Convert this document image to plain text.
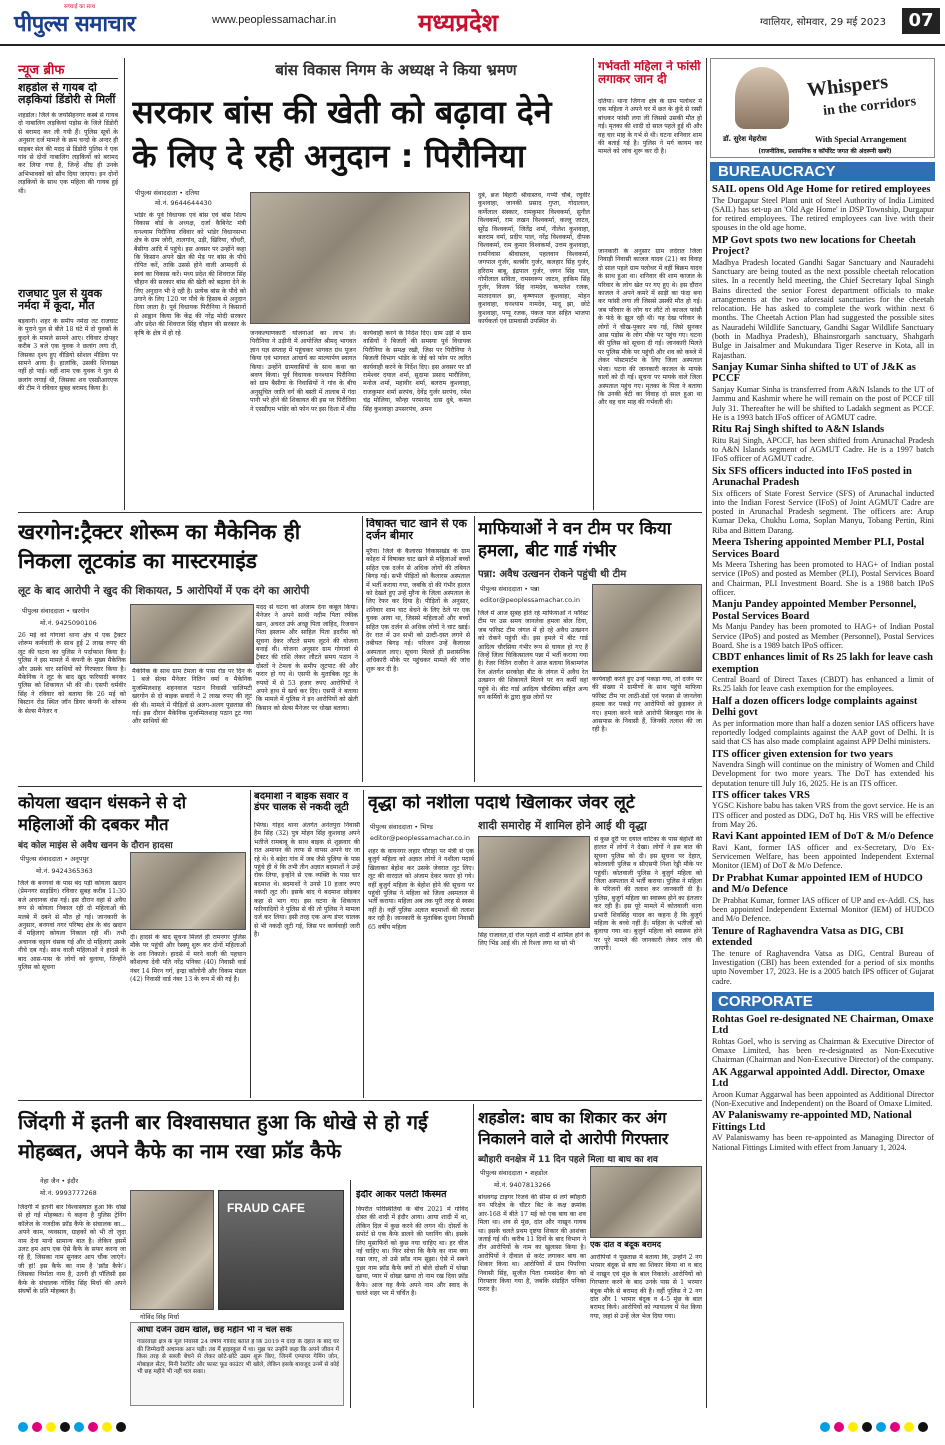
सच्चाई का साथ
पीपुल्स समाचार	www.peoplessamachar.in	मध्यप्रदेश	ग्वालियर, सोमवार, 29 मई 2023	07
न्यूज ब्रीफ
शहडोल से गायब दो लड़कियां डिंडोरी से मिलीं
शहडोल। जिले के जयसिंहनगर कस्बे से गायब दो नाबालिग लड़कियां पड़ोस के जिले डिंडोरी से बरामद कर ली गयी हैं। पुलिस सूत्रों के अनुसार दर्ज मामले के क्रम चन्दो के अन्दर ही साइबर सेल की मदद से डिंडोरी पुलिस ने एक गांव से दोनों नाबालिग लड़कियों को बरामद कर लिया गया है, जिन्हें शीघ्र ही उनके अभिभावकों को सौंप दिया जाएगा। इन दोनों लड़कियों के साथ एक महिला की गायब हुई थी।
राजघाट पुल से युवक नर्मदा में कूदा, मौत
बड़वानी। शहर के समीप नर्मदा तट राजघाट के पुराने पुल से बीते 18 घंटे में दो युवकों के कूदने के मामले सामने आए। रविवार दोपहर करीब 3 बजे एक युवक ने छलांग लगा दी, जिसका दृश्य हुए वीडियो सोशल मीडिया पर सामने आया है। हालांकि, उसकी शिनाख्त नहीं हो पाई। वहीं शाम एक युवक ने पुल से छलांग लगाई थी, जिसका शव एसडीआरएफ की टीम ने रविवार सुबह बरामद किया है।
बांस विकास निगम के अध्यक्ष ने किया भ्रमण
सरकार बांस की खेती को बढ़ावा देने के लिए दे रही अनुदान : पिरौनिया
पीपुल्स संवाददाता • दतिया
मो.नं. 9644644430
भांडेर के पूर्व विधायक एवं बांस एवं बांस शिल्प विकास बोर्ड के अध्यक्ष, दर्जा कैबिनेट मंत्री घनश्याम पिरौनिया रविवार को भांडेर विधानसभा क्षेत्र के ग्राम जोरी, तालगांव, उड़ी, खिरिया, चौधरी, बैसीगा आदि में पहुंचे। इस अवसर पर उन्होंने कहा कि किसान अपने खेत की मेड़ पर बांस के पौधे रोपित करें, ताकि उससे होने वाली आमदनी से स्वयं का विकास करें। मध्य प्रदेश की शिवराज सिंह चौहान की सरकार बांस की खेती को बढ़ावा देने के लिए अनुदान भी दे रही है। प्रत्येक बांस के पौधे को उगाने के लिए 120 पर पौधे के हिसाब से अनुदान दिया जाता है। पूर्व विधायक पिरौनिया ने किसानों से आह्वान किया कि केंद्र की नरेंद्र मोदी सरकार और प्रदेश की शिवराज सिंह चौहान की सरकार के कृषि के क्षेत्र में हो रहे	जनकल्याणकारी योजनाओं का लाभ लें। पिरौनिया ने उड़ीनी में आयोजित श्रीमद् भागवत ज्ञान यज्ञ सप्ताह में पहुंचकर भागवत ग्रंथ पूजन किया एवं भागवत आचार्य का माल्यार्पण स्वागत किया। उन्होंने ग्रामवासियों के साथ कथा का श्रवण किया। पूर्व विधायक घनश्याम पिरौनिया को ग्राम बैसीगा के निवासियों ने गांव के बीच अनुसूचित जाति वर्ग की बस्ती में तालाब में गंदा पानी भरे होने की शिकायत की इस पर पिरौनिया ने एसडीएम भांडेर को फोन पर इस दिशा में शीघ्र
कार्यवाही करने के निर्देश दिए। ग्राम उड़ी में ग्राम वासियों ने बिजली की समस्या पूर्व विधायक पिरौनिया के समक्ष रखी, जिस पर पिरौनिया ने बिजली विभाग भांडेर के जेई को फोन पर त्वरित कार्यवाही करने के निर्देश दिए। इस अवसर पर डॉ रामेश्वर दयाल शर्मा, सुदामा प्रसाद मारौलिया, मनोज शर्मा, महावीर शर्मा, बलराम कुशवाहा, राजकुमार शर्मा सरपंच, देवेंद्र गुर्जर सरपंच, रमेश चंद्र मोलिया, फौन्हा परमानंद दास दुबे, कमल सिंह कुशवाहा उपसरपंच, अमन
दुबे, ब्रज बिहारी श्रीवास्तव, गप्पी चौबे, रघुवीर कुशवाहा, जानकी प्रसाद गुप्ता, गोदालाल, कर्णेलाल संस्कार, रामकुमार विश्वकर्मा, सुनील विश्वकर्मा, राम लखन विश्वकर्मा, कल्लू जाटव, सुरेंद्र विश्वकर्मा, जितेंद्र शर्मा, नीलेश कुशवाहा, बलराम वर्मा, प्रदीप पाल, नरेंद्र विश्वकर्मा, दीपक विश्वकर्मा, राम कुमार विश्वकर्मा, उत्तम कुशवाहा, रामनिवास श्रीवास्तव, पहलवान विश्वकर्मा, जगपाल गुर्जर, बलबीर गुर्जर, कलहार सिंह गुर्जर, हरिराम बाबू, इंद्रपाल गुर्जर, जगन सिंह पाल, गोपीलाल सविता, रामस्वरूप जाटव, हाकिम सिंह गुर्जर, विजय सिंह नामदेव, कमलेश रजक, मातादयाल झा, कृष्णपाल कुशवाहा, मोहन कुशवाहा, घनश्याम नामदेव, मादू झा, छोटे कुशवाहा, पप्पू रजक, पंकज पाल सहित भाजपा कार्यकर्ता एवं ग्रामवासी उपस्थित थे।
गर्भवती महिला ने फांसी लगाकर जान दी
दतिया। थाना जिगना क्षेत्र के ग्राम पलोथर में एक महिला ने अपने घर में छत के कुंदे से रस्सी बांधकर फांसी लगा ली जिससे उसकी मौत हो गई। मृतका की शादी दो साल पहले हुई थी और वह चार माह के गर्भ से थी। घटना शनिवार शाम की बताई गई है। पुलिस ने मर्ग कायम कर मामले को जांच शुरू कर दी है।
जानकारी के अनुसार ग्राम लदेरात जिला निवाड़ी निवासी काजल यादव (21) का विवाह दो साल पहले ग्राम पलोथर में वहीं बिक्रम यादव के साथ हुआ था। शनिवार की शाम काजल के परिवार के लोग खेत पर गए हुए थे। इस दौरान काजल ने अपने कमरे में साड़ी का फंदा बना कर फांसी लगा ली जिससे उसकी मौत हो गई। जब परिवार के लोग घर लौटे तो काजल फांसी के फंदे के झूल रही थी। यह देख परिवार के लोगों ने चीख-पुकार मच गई, जिसे सुनकर आस पड़ोस के लोग मौके पर पहुंच गए। घटना की पुलिस को सूचना दी गई। जानकारी मिलते पर पुलिस मौके पर पहुंची और शव को कब्जे में लेकर पोस्टमार्टम के लिए जिला अस्पताल भेजा। घटना की जानकारी काजल के मायके वालों को दी गई। सूचना पर मायके वाले जिला अस्पताल पहुंच गए। मृतका के पिता ने बताया कि उनकी बेटी का विवाह दो साल हुआ था और वह चार माह की गर्भवती थी।
Whispers
in the corridors
डॉ. सुरेश मेहरोत्रा	With Special Arrangement
(राजनीतिक, प्रशासनिक व कॉर्पोरेट जगत की अंदरूनी खबरें)
BUREAUCRACY
SAIL opens Old Age Home for retired employees
The Durgapur Steel Plant unit of Steel Authority of India Limited (SAIL) has set-up an 'Old Age Home' in DSP Township, Durgapur for retired employees. The retired employees can live with their spouses in the old age home.
MP Govt spots two new locations for Cheetah Project?
Madhya Pradesh located Gandhi Sagar Sanctuary and Nauradehi Sanctuary are being touted as the next possible cheetah relocation sites. In a recently held meeting, the Chief Secretary Iqbal Singh Bains directed the senior Forest department officials to make arrangements at the two aforesaid sanctuaries for the cheetah relocation. He has asked to complete the work within next 6 months. The Cheetah Action Plan had suggested the possible sites as Nauradehi Wildlife Sanctuary, Gandhi Sagar Wildlife Sanctuary (both in Madhya Pradesh), Bhainsrorgarh sanctuary, Shahgarh Bulge in Jaisalmer and Mukundara Tiger Reserve in Kota, all in Rajasthan.
Sanjay Kumar Sinha shifted to UT of J&K as PCCF
Sanjay Kumar Sinha is transferred from A&N Islands to the UT of Jammu and Kashmir where he will remain on the post of PCCF till July 31. Thereafter he will be shifted to Ladakh segment as PCCF. He is a 1993 batch IFoS officer of AGMUT cadre.
Ritu Raj Singh shifted to A&N Islands
Ritu Raj Singh, APCCF, has been shifted from Arunachal Pradesh to A&N Islands segment of AGMUT Cadre. He is a 1997 batch IFoS officer of AGMUT cadre.
Six SFS officers inducted into IFoS posted in Arunachal Pradesh
Six officers of State Forest Service (SFS) of Arunachal inducted into the Indian Forest Service (IFoS) of Joint AGMUT Cadre are posted in Arunachal Pradesh segment. The officers are: Arup Kumar Deka, Chukhu Loma, Soplan Manyu, Tobang Pertin, Rini Riba and Bittem Darang.
Meera Tshering appointed Member PLI, Postal Services Board
Ms Meera Tshering has been promoted to HAG+ of Indian postal service (IPoS) and posted as Member (PLI), Postal Services Board and Chairman, PLI Investment Board. She is a 1988 batch IPoS officer.
Manju Pandey appointed Member Personnel, Postal Services Board
Ms Manju Pandey has been promoted to HAG+ of Indian Postal Service (IPoS) and posted as Member (Personnel), Postal Services Board. She is a 1989 batch IPoS officer.
CBDT enhances limit of Rs 25 lakh for leave cash exemption
Central Board of Direct Taxes (CBDT) has enhanced a limit of Rs.25 lakh for leave cash exemption for the employees.
Half a dozen officers lodge complaints against Delhi govt
As per information more than half a dozen senior IAS officers have reportedly lodged complaints against the AAP govt of Delhi. It is said that CS has also made complaint against APP Delhi ministers.
ITS officer given extension for two years
Navendra Singh will continue on the ministry of Women and Child Development for two more years. The DoT has extended his deputation tenure till July 16, 2025. He is an ITS officer.
ITS officer takes VRS
YGSC Kishore babu has taken VRS from the govt service. He is an ITS officer and posted as DDG, DoT hq. His VRS will be effective from May 26.
Ravi Kant appointed IEM of DoT & M/o Defence
Ravi Kant, former IAS officer and ex-Secretary, D/o Ex-Servicemen Welfare, has been appointed Independent External Monitor (IEM) of DoT & M/o Defence.
Dr Prabhat Kumar appointed IEM of HUDCO and M/o Defence
Dr Prabhat Kumar, former IAS officer of UP and ex-Addl. CS, has been appointed Independent External Monitor (IEM) of HUDCO and M/o Defence.
Tenure of Raghavendra Vatsa as DIG, CBI extended
The tenure of Raghavendra Vatsa as DIG, Central Bureau of Investigation (CBI) has been extended for a period of six months upto November 17, 2023. He is a 2005 batch IPS officer of Gujarat cadre.
CORPORATE
Rohtas Goel re-designated NE Chairman, Omaxe Ltd
Rohtas Goel, who is serving as Chairman & Executive Director of Omaxe Limited, has been re-designated as Non-Executive Chairman (Chairman and Non-Executive Director) of the company.
AK Aggarwal appointed Addl. Director, Omaxe Ltd
Aroon Kumar Aggarwal has been appointed as Additional Director (Non-Executive and Independent) on the Board of Omaxe Limited.
AV Palaniswamy re-appointed MD, National Fittings Ltd
AV Palaniswamy has been re-appointed as Managing Director of National Fittings Limited with effect from January 1, 2024.
खरगोन:ट्रैक्टर शोरूम का मैकेनिक ही निकला लूटकांड का मास्टरमाइंड
लूट के बाद आरोपी ने खुद की शिकायत, 5 आरोपियों में एक दंगे का आरोपी
पीपुल्स संवाददाता • खरगोन
मो.नं. 9425090106
26 मई को गोगावां थाना क्षेत्र में एक ट्रैक्टर शोरूम कर्मचारी के साथ हुई 2 लाख रुपए की लूट की घटना का पुलिस ने पर्दाफाश किया है। पुलिस ने इस मामले में कंपनी के मुख्य मैकेनिक और उसके चार साथियों को गिरफ्तार किया है। मैकेनिक ने लूट के बाद खुद फरियादी बनकर पुलिस को शिकायत भी की थी। एसपी धर्मवीर सिंह ने रविवार को बताया कि 26 मई को बिस्टान रोड स्थित जॉन डियर कंपनी के शोरूम के सेल्स मैनेजर व
मैकेनिक के साथ ग्राम टेमला के पास रोड पर दिन के 1 बजे सेल्स मैनेजर नितिन वर्मा व मैकेनिक मुजम्मिलशाह शहनवाज पठान निवासी चालिमटी खरगोन से दो बाइक सवारों ने 2 लाख रुपए की लूट की थी। मामले में पीड़ितों से अलग-अलग पूछताछ की गई। इस दौरान मैकेनिक मुजम्मिलशाह पठान टूट गया और साथियों की
मदद से घटना को अंजाम देना कबूल किया। मैनेजर ने अपने साथी नदीम पिता रफीक खान, अचरत उर्फ अच्छू पिता जाहिद, रिजवान पिता इस्लाम और साहिल पिता इदरीस को सूचना देकर लौटते समय लूटने की योजना बनाई थी। योजना अनुसार ग्राम गोगावां से ट्रैक्टर की राशि लेकर लौटते समय पठान ने दोस्तों ने टेमला के समीप लूटपाट की और फरार हो गए थे। एसपी के मुताबिक लूट के रुपयों में से 53 हजार रुपए आरोपियों ने अपने हाथ में खर्च कर दिए। एसपी ने बताया कि मामले में पुलिस ने इन आरोपियों को खेती किसान को सेल्स मैनेजर पर धोखा बताया।
विषाक्त चाट खाने से एक दर्जन बीमार
मुरैना। जिले के कैलारस विकासखंड के ग्राम कोंहरा में विषाक्त चाट खाने से महिलाओं बच्चों सहित एक दर्जन से अधिक लोगों की तबियत बिगड़ गई। सभी पीड़ितों को कैलारस अस्पताल में भर्ती कराया गया, जबकि दो की गंभीर हालत को देखते हुए उन्हें मुरैना के जिला अस्पताल के लिए रेफर कर दिया है। पीड़ितों के अनुसार, शनिवार शाम चाट बेचने के लिए ठेले पर एक युवक आया था, जिससे महिलाओं और बच्चों सहित एक दर्जन से अधिक लोगों ने चाट खाई। देर रात में उन सभी को उल्टी-दस्त लगने से तबीयत बिगड़ गई। परिजन उन्हें कैलारस अस्पताल लाए। सूचना मिलते ही प्रशासनिक अधिकारी मौके पर पहुंचकर मामले की जांच शुरू कर दी है।
माफियाओं ने वन टीम पर किया हमला, बीट गार्ड गंभीर
पन्ना: अवैध उत्खनन रोकने पहुंची थी टीम
पीपुल्स संवाददाता • पन्ना
editor@peoplessamachar.co.in
जिले में आज सुबह होते रहे माफियाओं ने फॉरेस्ट टीम पर उस समय जानलेवा हमला बोल दिया, जब फॉरेस्ट टीम जंगल में हो रहे अवैध उत्खनन को रोकने पहुंची थी। इस हमले में बीट गार्ड आदित्य चौरसिया गंभीर रूप से घायल हो गए हैं जिन्हें जिला चिकित्सालय पन्ना में भर्ती कराया गया है। रेंजर नितिन राजौरा ने आज बताया विश्रामगंज रेंज अंतर्गत सरकोहा बीट के जंगल में अवैध रेत उत्खनन की शिकायतें मिलने पर वन कर्मी वहां पहुंचे थे। बीट गार्ड आदित्य चौरसिया सहित अन्य वन कर्मियों के द्वारा कुछ लोगों पर
कार्यवाही करते हुए उन्हें पकड़ा गया, तो दर्जन पर की संख्या में ग्रामीणों के साथ पहुंचे माफिया फॉरेस्ट टीम पर लाठी-डंडों एवं फरसा से जानलेवा हमला कर पकड़े गए आरोपियों को छुड़ाकर ले गए। हमला करने वाले आरोपी बिलखुरा गांव के आसपास के निवासी हैं, जिनकी तलाश की जा रही है।
कोयला खदान धंसकने से दो महिलाओं की दबकर मौत
बंद कोल माइंस से अवैध खनन के दौरान हादसा
पीपुल्स संवाददाता • अनूपपुर
मो.नं. 9424365363
जिले के बनगवां के पास बंद पड़ी कोयला खदान (प्रेमनगर साइडिंग) रविवार सुबह करीब 11:30 बजे अचानक धंस गई। इस दौरान वहां से अवैध रूप से कोयला निकाल रही दो महिलाओं की मलबे में दबने से मौत हो गई। जानकारी के अनुसार, बनगवां नगर परिषद क्षेत्र के बंद खदान में महिलाएं कोयला निकाल रही थीं। तभी अचानक चट्टान धंसक गई और दो महिलाएं उसके नीचे दब गईं। साथ वाली महिलाओं ने हादसे के बाद आस-पास के लोगों को बुलाया, जिन्होंने पुलिस को सूचना
दी। हादसे के बाद सूचना मिलते ही रामनगर पुलिस मौके पर पहुंची और रेस्क्यू शुरू कर दोनों महिलाओं के शव निकाले। हादसे में मरने वाली की पहचान कौशल्या देवी पति नरेंद्र पनिका (40) निवासी वार्ड नंबर 14 मिरन गर्ग, इन्द्रा कॉलोनी और विकम मंडल (42) निवासी वार्ड नंबर 13 के रूप में की गई है।
बदमाशों ने बाइक सवार व डंपर चालक से नकदी लूटी
भिण्ड। गोहद थाना अंतर्गत अनंतपुरा निवासी हैम सिंह (32) पुत्र मोहन सिंह कुशवाह अपने भतीजे रामबाबू के साथ बाइक से शुक्रवार की रात अमायन की तरफ से वापस अपने घर जा रहे थे। वे बड़ेरा गांव में जब जैसे पुलिया के पास पहुंचे ही थे कि तभी तीन अज्ञात बदमाशों ने उन्हें रोक लिया, इन्होंने से एक व्यक्ति के पास चार बदमाश थे। बदमाशों ने उनसे 10 हजार रुपए नकदी लूट ली। इसके बाद ये बदमाश छोड़कर कहा से भाग गए। इस घटना के शिकायत फरियादियों ने पुलिस से की तो पुलिस ने मामला दर्ज कर लिया। इसी तरह एक अन्य डंपर चालक से भी नकदी लूटी गई, जिस पर कार्यवाही जारी है।
वृद्धा को नशीला पदार्थ खिलाकर जेवर लूटे
शादी समारोह में शामिल होने आई थी वृद्धा
पीपुल्स संवाददाता • भिण्ड
editor@peoplessamachar.co.in
शहर के वायनगर लहार चौराहा पर मंत्री से एक बुजुर्ग महिला को अज्ञात लोगों ने नशीला पदार्थ खिलाकर बेहोश कर उसके जेवरात लूट लिए। लूट की वारदात को अंजाम देकर फरार हो गये। वहीं बुजुर्ग महिला के बेहोश होने की सूचना पर पहुंची पुलिस ने महिला को जिला अस्पताल में भर्ती कराया। महिला अब तक पूरी तरह से स्वस्थ नहीं है। वहीं पुलिस अज्ञात बदमाशों की तलाश कर रही है। जानकारी के मुताबिक दूधना निवासी 65 वर्षीय महिला
सिंह राजावत,दो रोज पहले शादी में शामिल होने के लिए भिंड आई थी। तो रिश्ता लगा था सो भी
से कुछ दूरी पर दयाल वाटिका के पास बेहोशी की हालत में लोगों ने देखा। लोगों ने इस बात की सूचना पुलिस को दी। इस सूचना पर देहात, कोतवाली पुलिस व सीएसपी निशा रेड्डी मौके पर पहुंचीं। कोतवाली पुलिस ने बुजुर्ग महिला को जिला अस्पताल में भर्ती कराया। पुलिस ने महिला के परिजनों की तलाश कर जानकारी दी है। पुलिस, बुजुर्ग महिला का स्वास्थ्य होने का इंतजार कर रही है। इस पूरे मामले में कोतवाली थाना प्रभारी शिवसिंह यादव का कहना है कि बुजुर्ग महिला के बच्चे नहीं हैं। महिला के भतीजों को बुलाया गया था। बुजुर्ग महिला को स्वास्थ्य होने पर पूरे मामले की जानकारी लेकर जांच की जाएगी।
जिंदगी में इतनी बार विश्वासघात हुआ कि धोखे से हो गई मोहब्बत, अपने कैफे का नाम रखा फ्रॉड कैफे
नेहा जैन • इंदौर
मो.नं. 9993777268
जिंदगी में इतनी बार विश्वासघात हुआ कि धोखे से हो गई मोहब्बत। ये कहना है पुलिस ट्रेनिंग कॉलेज के नजदीक फ्रॉड कैफे के संचालक का... अपने काम, व्यवसाय, ग्राहकों को भी तो जुदा नाम देना मानो सामान्य बात है। लेकिन इसमें उलट हम आप एक ऐसे कैफे के सफर करना जा रहे हैं, जिसका नाम सुनकर आप चौंक जाएंगे। जी हां! इस कैफे का नाम है 'फ्रॉड कैफे'। जिसका निर्माता नाम है, उतनी ही पॉलिसी इस कैफे के संचालक गोविंद सिंह मिर्धा की अपने संघर्षों के प्रति मोहब्बत है।
गोविंद सिंह मिर्धा
FRAUD CAFE
आधा दर्जन उद्यम खोले, छह महीने भी न चल सके
गाडरवाड़ा क्षेत्र के मूल निवासी 24 वर्षीय गोविंद बताते हैं कि 2019 में दादा के देहांत के बाद घर की जिम्मेदारी अचानक आन पड़ी। तब मैं हाइस्कूल में था। मुझ पर उन्होंने कहा कि अपने जीवन में किस तरह से सब्जी बेचने से लेकर छोटे-छोटे उद्यम शुरू किए, जिनमें एम्पायर गेमिंग जोन, मोबाइल सेंटर, मिनी रेस्टोरेंट और फास्ट फूड काउंटर भी खोले, लेकिन इसके बावजूद उनमें से कोई भी छह महीने भी नहीं चल सका।
इंदौर आकर पलटी किस्मत
विपरीत परिस्थितियों के बीच 2021 में गोविंद दोस्त की शादी में इंदौर आया। आया शादी में था, लेकिन दिल में कुछ करने की लगन थी। दोस्तों के सपोर्ट से एक कैफे डालने की प्लानिंग की। इसके लिए मुसाफिरों को कुछ नया चाहिए था। हर चीज नई चाहिए था। फिर सोचा कि कैफे का नाम क्या रखा जाए, तो उसे फ्रॉड नाम सूझा। ऐसे में सबने पूछा नाम फ्रॉड कैफे क्यों तो बोले दोस्ती में धोखा खाया, प्यार में धोखा खाया तो नाम रख दिया फ्रॉड कैफे। आज यह कैफे अपने नाम और स्वाद के चलते शहर भर में चर्चित है।
शहडोल: बाघ का शिकार कर अंग निकालने वाले दो आरोपी गिरफ्तार
ब्यौहारी वनक्षेत्र में 11 दिन पहले मिला था बाघ का शव
पीपुल्स संवाददाता • शहडोल
मो.नं. 9407813266
बांधवगढ़ टाइगर रिजर्व की सीमा से लगे ब्यौहारी वन परिक्षेत्र के चीटर बिट के कक्ष क्रमांक आर-168 में बीते 17 मई को एक बाघ का शव मिला था। शव से मूंछ, दांत और नाखून गायब था। इसके चलते प्रथम दृष्टया शिकार की आशंका जताई गई थी। करीब 11 दिनों के बाद विभाग ने तीन आरोपियों के नाम का खुलासा किया है। आरोपियों ने दीवाल से करंट लगाकर बाघ का शिकार किया था। आरोपियों में ग्राम पिपरिया निवासी सिंह, सुजीत पिता रामसंदेश बैगा को गिरफ्तार किया गया है, जबकि संग्रहित पनिका फरार है।
एक दांत व बंदूक बरामद
आरोपियों ने पूछताछ में बताया कि, उन्होंने 2 नग भरमार बंदूक से बाघ का शिकार किया था व बाद में नाखून एवं मूंछ के बाल निकाले। आरोपियों को गिरफ्तार करने के बाद उनके पास से 1 भरमार बंदूक मौके से बरामद की है। वहीं पुलिस ने 2 नग दांत और 1 भरमार बंदूक व 4-5 मूंछ के बाल बरामद किये। आरोपियों को न्यायालय में पेश किया गया, जहां से उन्हें जेल भेज दिया गया।
